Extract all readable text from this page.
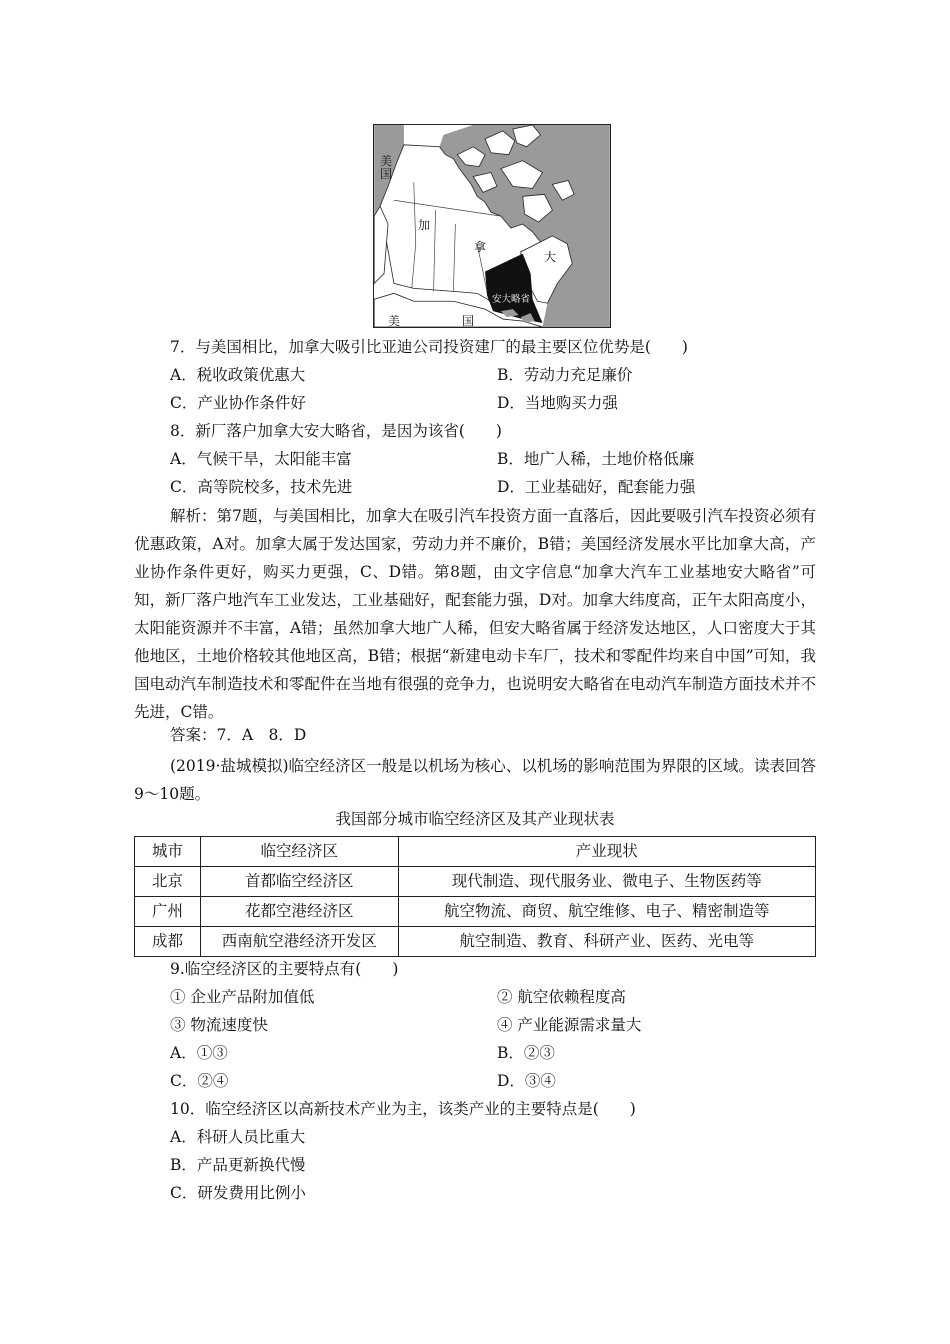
美国
加
拿
大
安大略省
美	国
7．与美国相比，加拿大吸引比亚迪公司投资建厂的最主要区位优势是(　　)
A．税收政策优惠大	B．劳动力充足廉价
C．产业协作条件好	D．当地购买力强
8．新厂落户加拿大安大略省，是因为该省(　　)
A．气候干旱，太阳能丰富	B．地广人稀，土地价格低廉
C．高等院校多，技术先进	D．工业基础好，配套能力强
解析：第7题，与美国相比，加拿大在吸引汽车投资方面一直落后，因此要吸引汽车投资必须有优惠政策，A对。加拿大属于发达国家，劳动力并不廉价，B错；美国经济发展水平比加拿大高，产业协作条件更好，购买力更强，C、D错。第8题，由文字信息“加拿大汽车工业基地安大略省”可知，新厂落户地汽车工业发达，工业基础好，配套能力强，D对。加拿大纬度高，正午太阳高度小，太阳能资源并不丰富，A错；虽然加拿大地广人稀，但安大略省属于经济发达地区，人口密度大于其他地区，土地价格较其他地区高，B错；根据“新建电动卡车厂，技术和零配件均来自中国”可知，我国电动汽车制造技术和零配件在当地有很强的竞争力，也说明安大略省在电动汽车制造方面技术并不先进，C错。
答案：7．A　8．D
(2019·盐城模拟)临空经济区一般是以机场为核心、以机场的影响范围为界限的区域。读表回答9～10题。
我国部分城市临空经济区及其产业现状表
城市	临空经济区	产业现状
北京	首都临空经济区	现代制造、现代服务业、微电子、生物医药等
广州	花都空港经济区	航空物流、商贸、航空维修、电子、精密制造等
成都	西南航空港经济开发区	航空制造、教育、科研产业、医药、光电等
9.临空经济区的主要特点有(　　)
① 企业产品附加值低	② 航空依赖程度高
③ 物流速度快	④ 产业能源需求量大
A．①③	B．②③
C．②④	D．③④
10．临空经济区以高新技术产业为主，该类产业的主要特点是(　　)
A．科研人员比重大
B．产品更新换代慢
C．研发费用比例小
